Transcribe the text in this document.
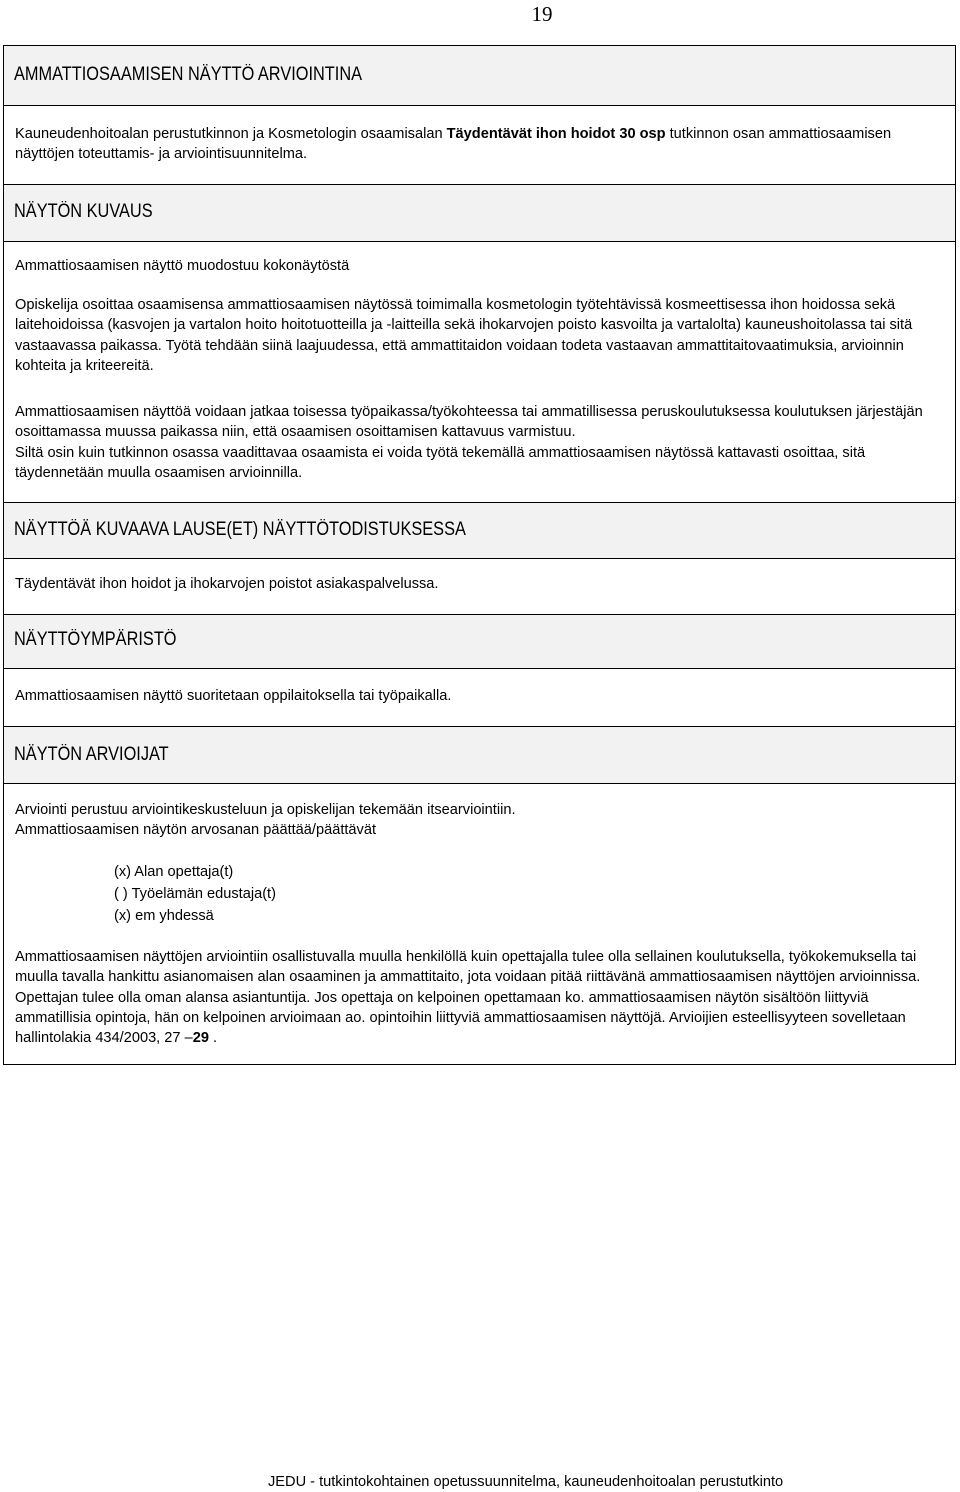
19
AMMATTIOSAAMISEN NÄYTTÖ ARVIOINTINA

Kauneudenhoitoalan perustutkinnon ja Kosmetologin osaamisalan Täydentävät ihon hoidot 30 osp tutkinnon osan ammattiosaamisen näyttöjen toteuttamis- ja arviointisuunnitelma.

NÄYTÖN KUVAUS
Ammattiosaamisen näyttö muodostuu kokonäytöstä
Opiskelija osoittaa osaamisensa ammattiosaamisen näytössä toimimalla kosmetologin työtehtävissä kosmeettisessa ihon hoidossa sekä laitehoidoissa (kasvojen ja vartalon hoito hoitotuotteilla ja -laitteilla sekä ihokarvojen poisto kasvoilta ja vartalolta) kauneushoitolassa tai sitä vastaavassa paikassa. Työtä tehdään siinä laajuudessa, että ammattitaidon voidaan todeta vastaavan ammattitaitovaatimuksia, arvioinnin kohteita ja kriteereitä.
Ammattiosaamisen näyttöä voidaan jatkaa toisessa työpaikassa/työkohteessa tai ammatillisessa peruskoulutuksessa koulutuksen järjestäjän osoittamassa muussa paikassa niin, että osaamisen osoittamisen kattavuus varmistuu.
Siltä osin kuin tutkinnon osassa vaadittavaa osaamista ei voida työtä tekemällä ammattiosaamisen näytössä kattavasti osoittaa, sitä täydennetään muulla osaamisen arvioinnilla.
NÄYTTÖÄ KUVAAVA LAUSE(ET) NÄYTTÖTODISTUKSESSA
Täydentävät ihon hoidot ja ihokarvojen poistot asiakaspalvelussa.
NÄYTTÖYMPÄRISTÖ
Ammattiosaamisen näyttö suoritetaan oppilaitoksella tai työpaikalla.
NÄYTÖN ARVIOIJAT
Arviointi perustuu arviointikeskusteluun ja opiskelijan tekemään itsearviointiin.
Ammattiosaamisen näytön arvosanan päättää/päättävät
(x) Alan opettaja(t)
( ) Työelämän edustaja(t)
(x) em yhdessä

Ammattiosaamisen näyttöjen arviointiin osallistuvalla muulla henkilöllä kuin opettajalla tulee olla sellainen koulutuksella, työkokemuksella tai muulla tavalla hankittu asianomaisen alan osaaminen ja ammattitaito, jota voidaan pitää riittävänä ammattiosaamisen näyttöjen arvioinnissa. Opettajan tulee olla oman alansa asiantuntija. Jos opettaja on kelpoinen opettamaan ko. ammattiosaamisen näytön sisältöön liittyviä ammatillisia opintoja, hän on kelpoinen arvioimaan ao. opintoihin liittyviä ammattiosaamisen näyttöjä. Arvioijien esteellisyyteen sovelletaan hallintolakia 434/2003, 27 –29 .

JEDU - tutkintokohtainen opetussuunnitelma, kauneudenhoitoalan perustutkinto
